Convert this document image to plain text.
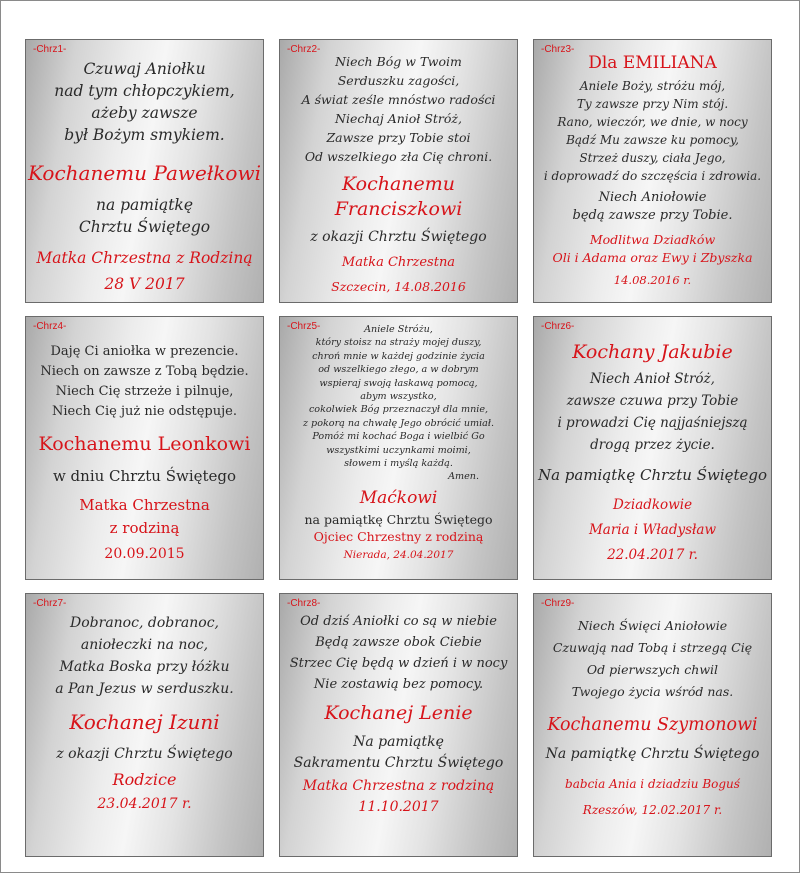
-Chrz1-
Czuwaj Aniołku
nad tym chłopczykiem,
ażeby zawsze
był Bożym smykiem.
Kochanemu Pawełkowi
na pamiątkę
Chrztu Świętego
Matka Chrzestna z Rodziną
28 V 2017
-Chrz2-
Niech Bóg w Twoim
Serduszku zagości,
A świat ześle mnóstwo radości
Niechaj Anioł Stróż,
Zawsze przy Tobie stoi
Od wszelkiego zła Cię chroni.
Kochanemu
Franciszkowi
z okazji Chrztu Świętego
Matka Chrzestna
Szczecin, 14.08.2016
-Chrz3-
Dla EMILIANA
Aniele Boży, stróżu mój,
Ty zawsze przy Nim stój.
Rano, wieczór, we dnie, w nocy
Bądź Mu zawsze ku pomocy,
Strzeż duszy, ciała Jego,
i doprowadź do szczęścia i zdrowia.
Niech Aniołowie
będą zawsze przy Tobie.
Modlitwa Dziadków
Oli i Adama oraz Ewy i Zbyszka
14.08.2016 r.
-Chrz4-
Daję Ci aniołka w prezencie.
Niech on zawsze z Tobą będzie.
Niech Cię strzeże i pilnuje,
Niech Cię już nie odstępuje.
Kochanemu Leonkowi
w dniu Chrztu Świętego
Matka Chrzestna
z rodziną
20.09.2015
-Chrz5-	Aniele Stróżu,
który stoisz na straży mojej duszy,
chroń mnie w każdej godzinie życia
od wszelkiego złego, a w dobrym
wspieraj swoją łaskawą pomocą,
abym wszystko,
cokolwiek Bóg przeznaczył dla mnie,
z pokorą na chwałę Jego obrócić umiał.
Pomóż mi kochać Boga i wielbić Go
wszystkimi uczynkami moimi,
słowem i myślą każdą.
Amen.
Maćkowi
na pamiątkę Chrztu Świętego
Ojciec Chrzestny z rodziną
Nierada, 24.04.2017
-Chrz6-
Kochany Jakubie
Niech Anioł Stróż,
zawsze czuwa przy Tobie
i prowadzi Cię najjaśniejszą
drogą przez życie.
Na pamiątkę Chrztu Świętego
Dziadkowie
Maria i Władysław
22.04.2017 r.
-Chrz7-
Dobranoc, dobranoc,
aniołeczki na noc,
Matka Boska przy łóżku
a Pan Jezus w serduszku.
Kochanej Izuni
z okazji Chrztu Świętego
Rodzice
23.04.2017 r.
-Chrz8-
Od dziś Aniołki co są w niebie
Będą zawsze obok Ciebie
Strzec Cię będą w dzień i w nocy
Nie zostawią bez pomocy.
Kochanej Lenie
Na pamiątkę
Sakramentu Chrztu Świętego
Matka Chrzestna z rodziną
11.10.2017
-Chrz9-
Niech Święci Aniołowie
Czuwają nad Tobą i strzegą Cię
Od pierwszych chwil
Twojego życia wśród nas.
Kochanemu Szymonowi
Na pamiątkę Chrztu Świętego
babcia Ania i dziadziu Boguś
Rzeszów, 12.02.2017 r.
